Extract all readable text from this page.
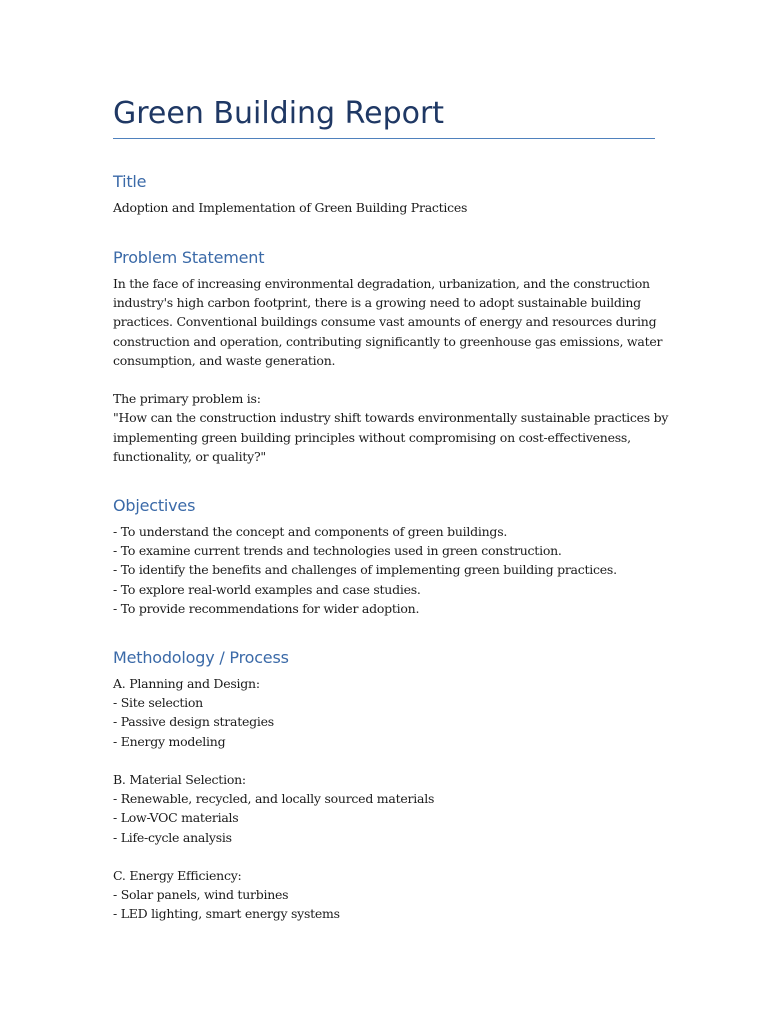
Green Building Report
Title
Adoption and Implementation of Green Building Practices
Problem Statement
In the face of increasing environmental degradation, urbanization, and the construction
industry's high carbon footprint, there is a growing need to adopt sustainable building
practices. Conventional buildings consume vast amounts of energy and resources during
construction and operation, contributing significantly to greenhouse gas emissions, water
consumption, and waste generation.
The primary problem is:
"How can the construction industry shift towards environmentally sustainable practices by
implementing green building principles without compromising on cost-effectiveness,
functionality, or quality?"
Objectives
- To understand the concept and components of green buildings.
- To examine current trends and technologies used in green construction.
- To identify the benefits and challenges of implementing green building practices.
- To explore real-world examples and case studies.
- To provide recommendations for wider adoption.
Methodology / Process
A. Planning and Design:
- Site selection
- Passive design strategies
- Energy modeling
B. Material Selection:
- Renewable, recycled, and locally sourced materials
- Low-VOC materials
- Life-cycle analysis
C. Energy Efficiency:
- Solar panels, wind turbines
- LED lighting, smart energy systems
